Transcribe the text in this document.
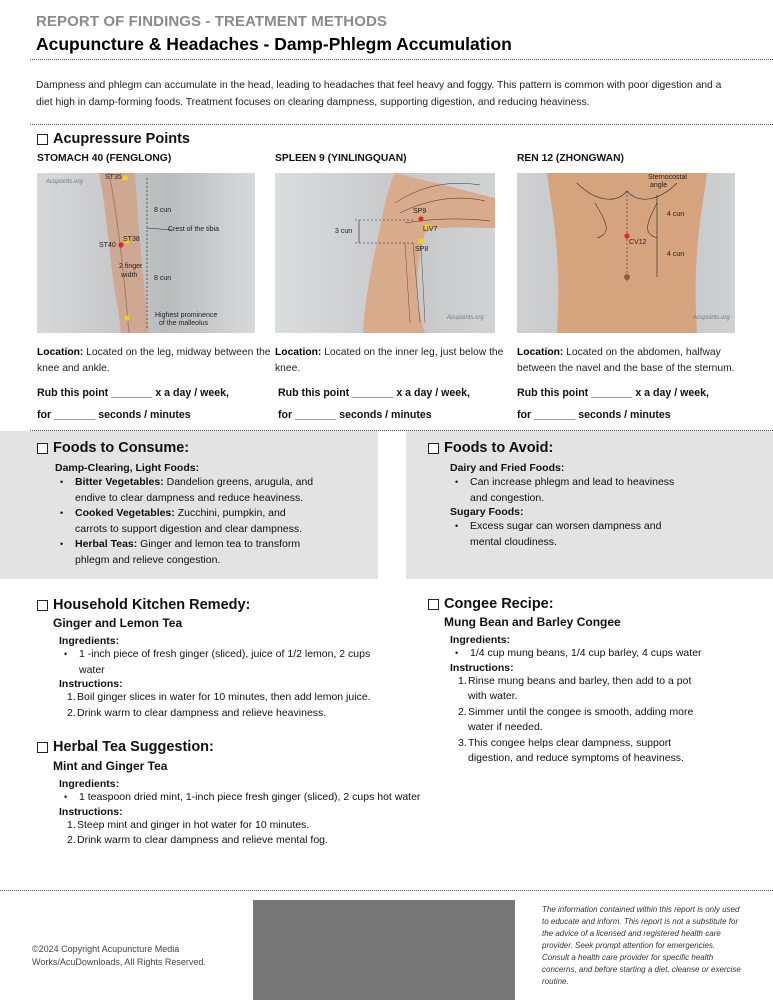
REPORT OF FINDINGS - TREATMENT METHODS
Acupuncture & Headaches - Damp-Phlegm Accumulation
Dampness and phlegm can accumulate in the head, leading to headaches that feel heavy and foggy. This pattern is common with poor digestion and a diet high in damp-forming foods. Treatment focuses on clearing dampness, supporting digestion, and reducing heaviness.
Acupressure Points
STOMACH 40 (FENGLONG)
Acupoints.org
ST35
8 cun
Crest of the tibia
ST38
ST40
2 finger
width 8 cun
Highest prominence
of the malleolus
Location: Located on the leg, midway between the knee and ankle.
Rub this point _______ x a day / week,
for _______ seconds / minutes
SPLEEN 9 (YINLINGQUAN)
Acupoints.org
SP9
LIV7
SP8
3 cun
Location: Located on the inner leg, just below the knee.
Rub this point _______ x a day / week,
for _______ seconds / minutes
REN 12 (ZHONGWAN)
Acupoints.org
Sternocostal
angle
4 cun
CV12
4 cun
Location: Located on the abdomen, halfway between the navel and the base of the sternum.
Rub this point _______ x a day / week,
for _______ seconds / minutes
Foods to Consume:
Damp-Clearing, Light Foods:
• Bitter Vegetables: Dandelion greens, arugula, and
endive to clear dampness and reduce heaviness.
• Cooked Vegetables: Zucchini, pumpkin, and
carrots to support digestion and clear dampness.
• Herbal Teas: Ginger and lemon tea to transform
phlegm and relieve congestion.
Foods to Avoid:
Dairy and Fried Foods:
• Can increase phlegm and lead to heaviness
and congestion.
Sugary Foods:
• Excess sugar can worsen dampness and
mental cloudiness.
Household Kitchen Remedy:
Ginger and Lemon Tea
Ingredients:
• 1 -inch piece of fresh ginger (sliced), juice of 1/2 lemon, 2 cups
water
Instructions:
1. Boil ginger slices in water for 10 minutes, then add lemon juice.
2. Drink warm to clear dampness and relieve heaviness.
Herbal Tea Suggestion:
Mint and Ginger Tea
Ingredients:
• 1 teaspoon dried mint, 1-inch piece fresh ginger (sliced), 2 cups hot water
Instructions:
1. Steep mint and ginger in hot water for 10 minutes.
2. Drink warm to clear dampness and relieve mental fog.
Congee Recipe:
Mung Bean and Barley Congee
Ingredients:
• 1/4 cup mung beans, 1/4 cup barley, 4 cups water
Instructions:
1. Rinse mung beans and barley, then add to a pot
with water.
2. Simmer until the congee is smooth, adding more
water if needed.
3. This congee helps clear dampness, support
digestion, and reduce symptoms of heaviness.
©2024 Copyright Acupuncture Media
Works/AcuDownloads, All Rights Reserved.
The information contained within this report is only used to educate and inform. This report is not a substitute for the advice of a licensed and registered health care provider. Seek prompt attention for emergencies. Consult a health care provider for specific health concerns, and before starting a diet, cleanse or exercise routine.
